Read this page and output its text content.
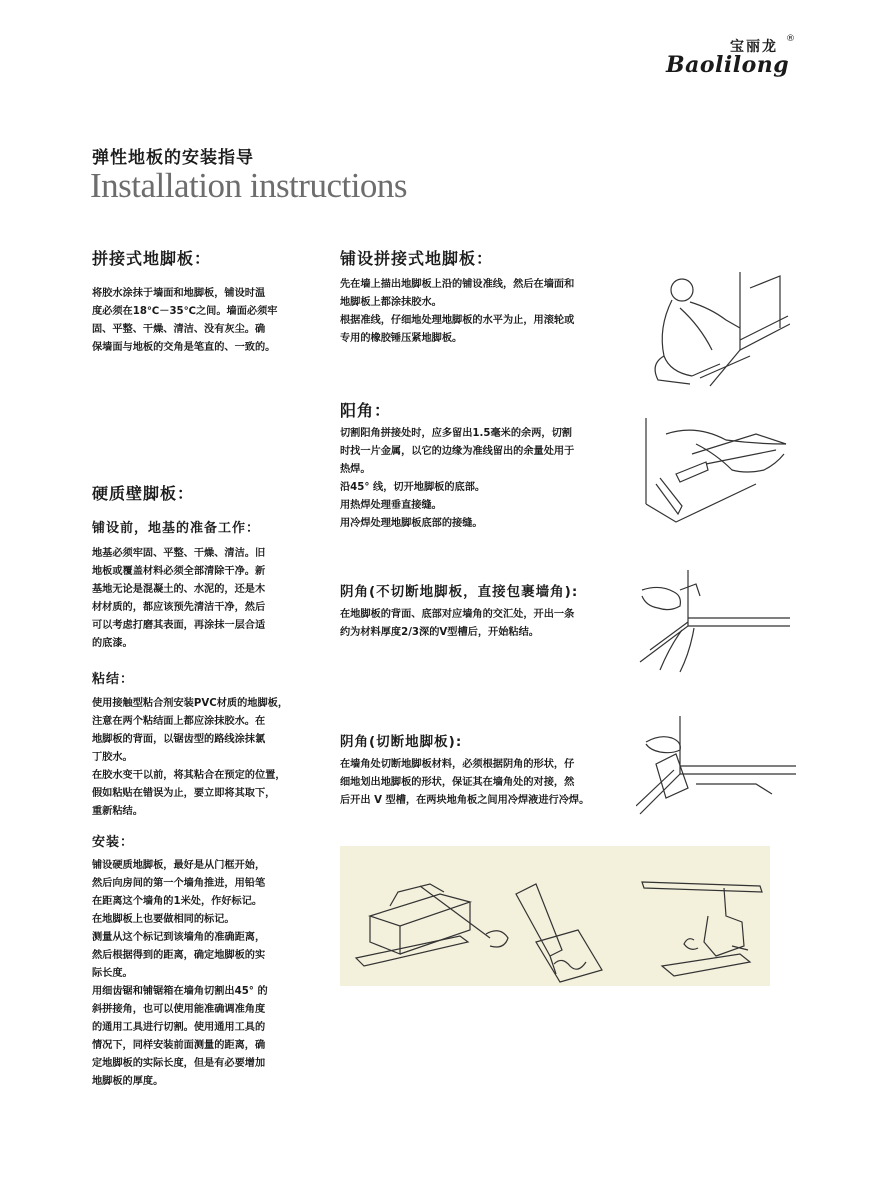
宝丽龙 ®
Baolilong
弹性地板的安装指导
Installation instructions
拼接式地脚板：

将胶水涂抹于墙面和地脚板，铺设时温

度必须在18℃－35℃之间。墙面必须牢

固、平整、干燥、清洁、没有灰尘。确

保墙面与地板的交角是笔直的、一致的。

硬质壁脚板：
铺设前，地基的准备工作：

地基必须牢固、平整、干燥、清洁。旧

地板或覆盖材料必须全部清除干净。新

基地无论是混凝土的、水泥的，还是木

材材质的，都应该预先清洁干净，然后

可以考虑打磨其表面，再涂抹一层合适

的底漆。

粘结：

使用接触型粘合剂安装PVC材质的地脚板，

注意在两个粘结面上都应涂抹胶水。在

地脚板的背面，以锯齿型的路线涂抹氯

丁胶水。

在胶水变干以前，将其粘合在预定的位置，

假如粘贴在错误为止，要立即将其取下，

重新粘结。

安装：

铺设硬质地脚板，最好是从门框开始，

然后向房间的第一个墙角推进，用铅笔

在距离这个墙角的1米处，作好标记。

在地脚板上也要做相同的标记。

测量从这个标记到该墙角的准确距离，

然后根据得到的距离，确定地脚板的实

际长度。

用细齿锯和铺锯箱在墙角切割出45° 的

斜拼接角，也可以使用能准确调准角度

的通用工具进行切割。使用通用工具的

情况下，同样安装前面测量的距离，确

定地脚板的实际长度，但是有必要增加

地脚板的厚度。

铺设拼接式地脚板：

先在墙上描出地脚板上沿的铺设准线，然后在墙面和

地脚板上都涂抹胶水。

根据准线，仔细地处理地脚板的水平为止，用滚轮或

专用的橡胶锤压紧地脚板。

阳角：

切割阳角拼接处时，应多留出1.5毫米的余两，切割

时找一片金属，以它的边缘为准线留出的余量处用于

热焊。

沿45° 线，切开地脚板的底部。

用热焊处理垂直接缝。

用冷焊处理地脚板底部的接缝。

阴角(不切断地脚板，直接包裹墙角):

在地脚板的背面、底部对应墙角的交汇处，开出一条

约为材料厚度2/3深的V型槽后，开始粘结。

阴角(切断地脚板):

在墙角处切断地脚板材料，必须根据阴角的形状，仔

细地划出地脚板的形状，保证其在墙角处的对接，然

后开出 V 型槽，在两块地角板之间用冷焊液进行冷焊。
